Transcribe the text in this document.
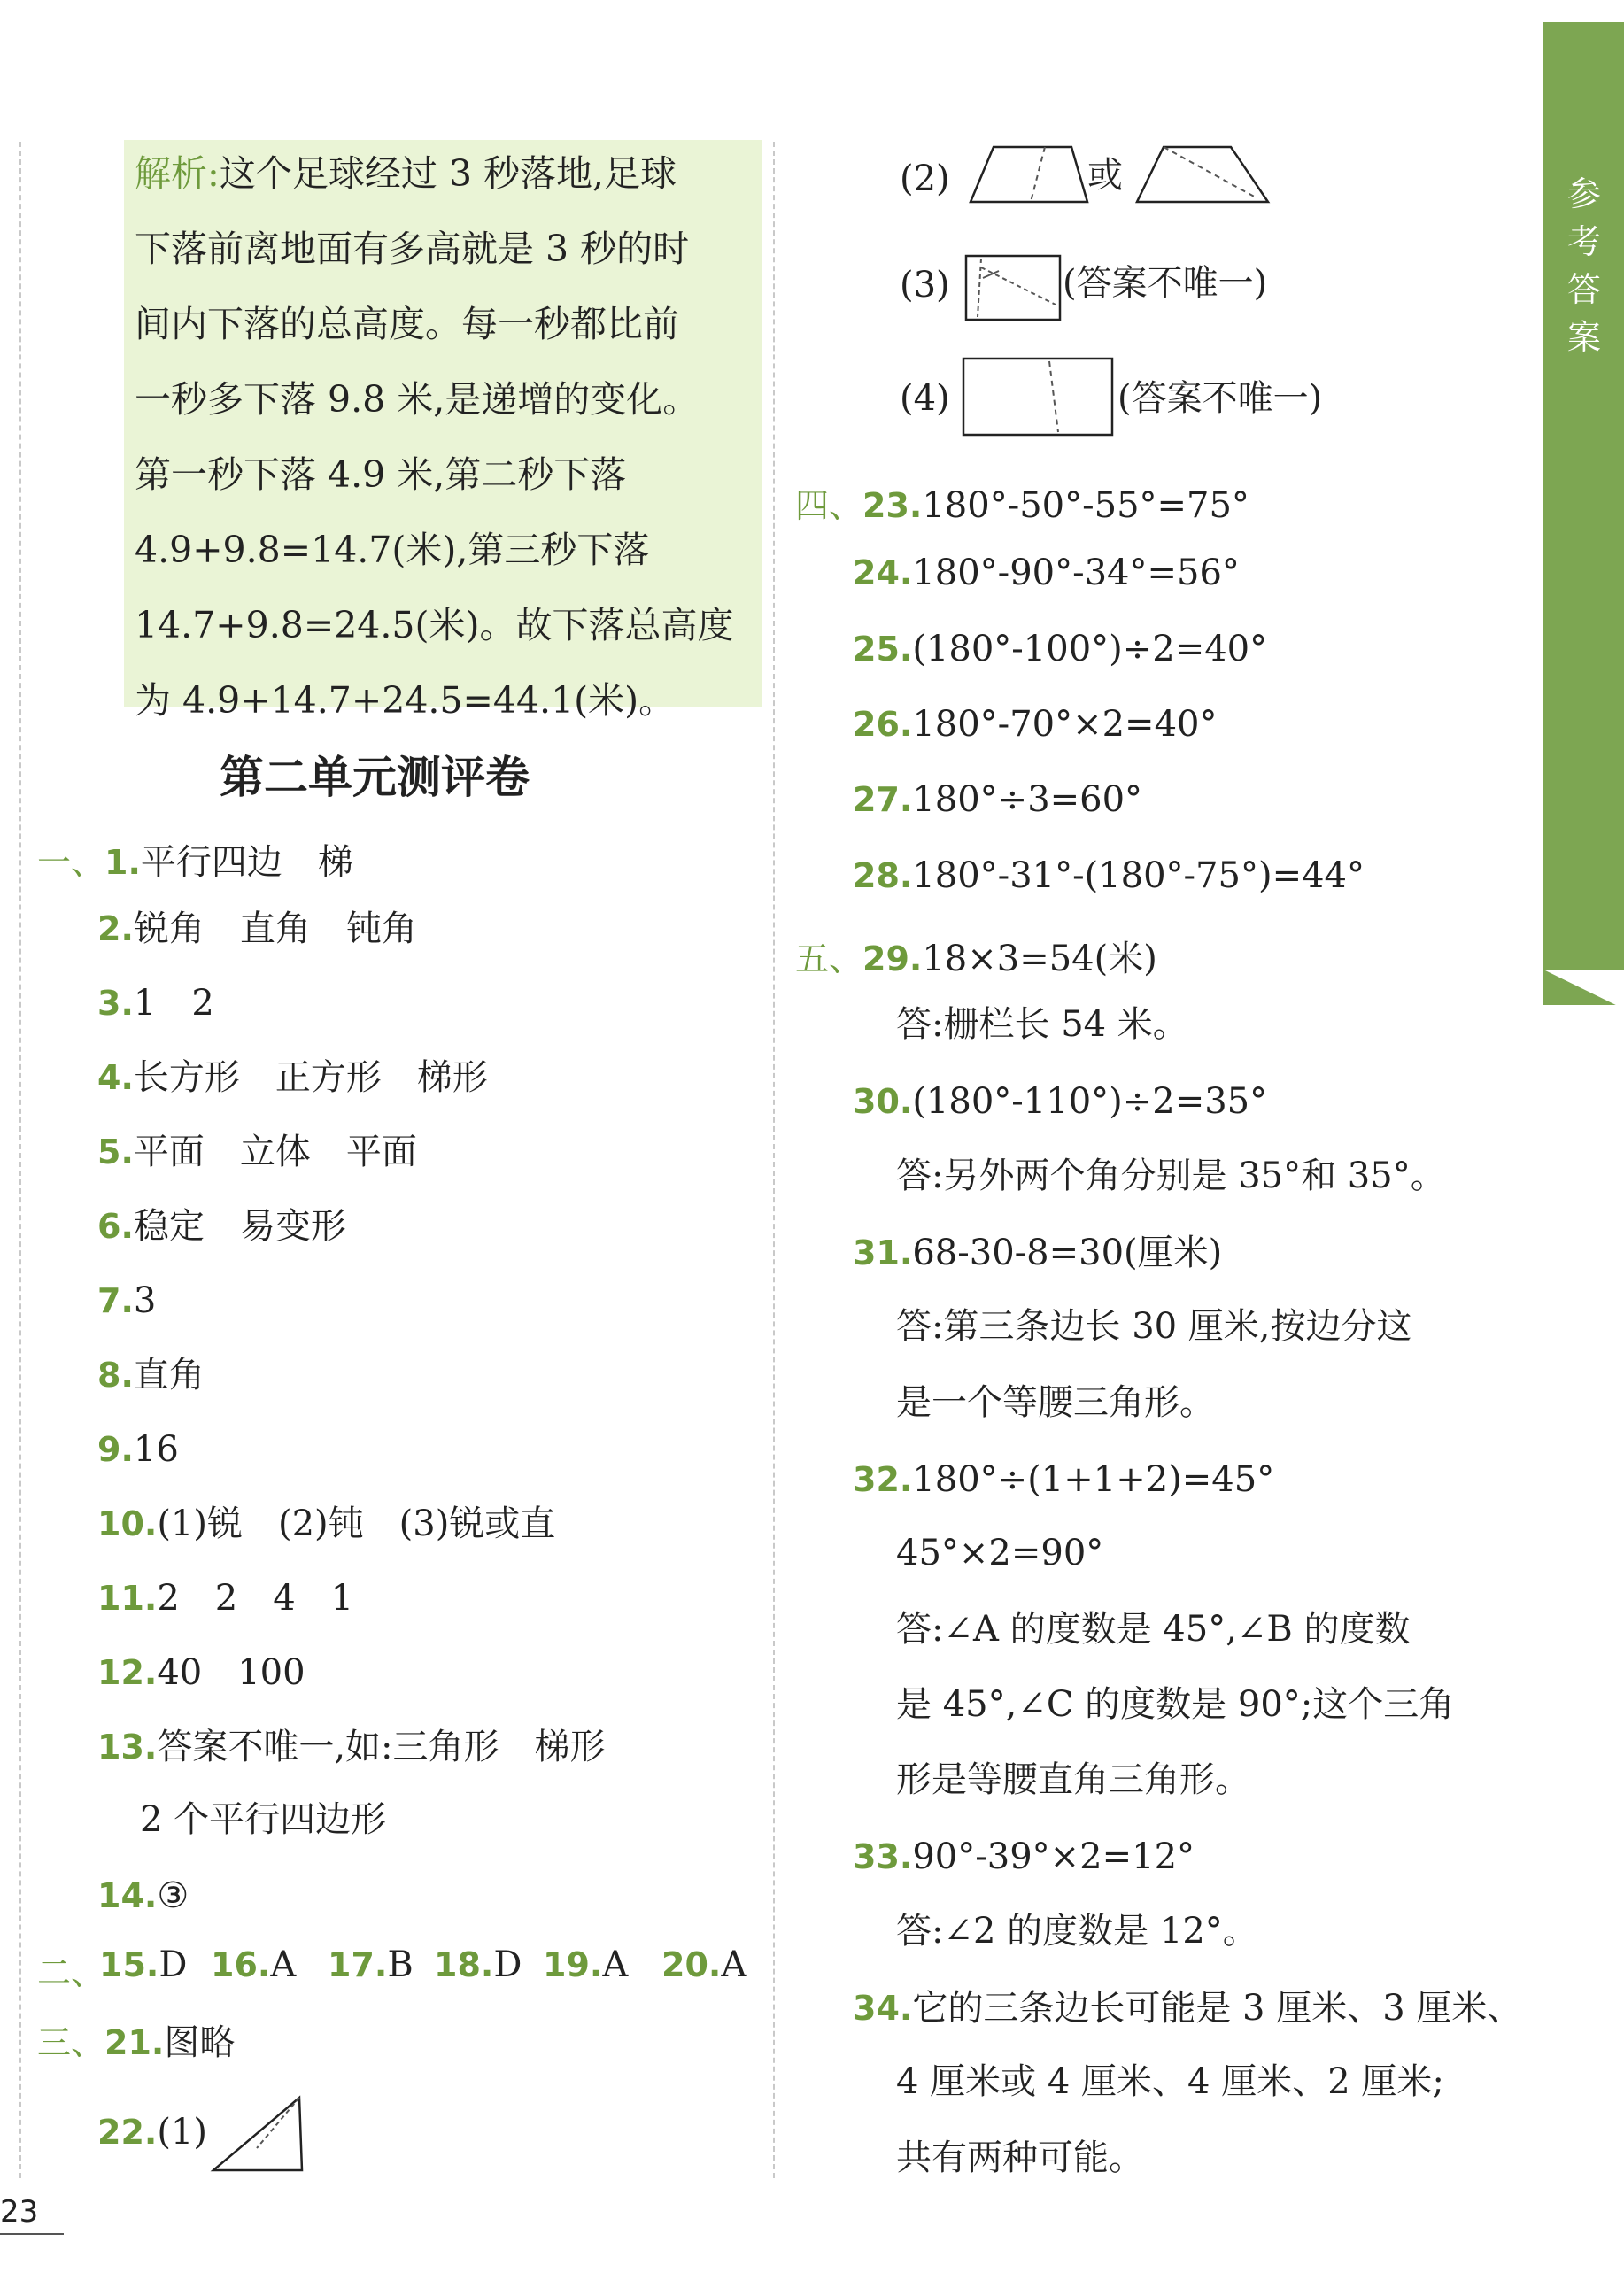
参考答案
解析:这个足球经过 3 秒落地,足球
下落前离地面有多高就是 3 秒的时
间内下落的总高度。每一秒都比前
一秒多下落 9.8 米,是递增的变化。
第一秒下落 4.9 米,第二秒下落
4.9+9.8=14.7(米),第三秒下落
14.7+9.8=24.5(米)。故下落总高度
为 4.9+14.7+24.5=44.1(米)。
第二单元测评卷
一、1.平行四边　梯
2.锐角　直角　钝角
3.1　2
4.长方形　正方形　梯形
5.平面　立体　平面
6.稳定　易变形
7.3
8.直角
9.16
10.(1)锐　(2)钝　(3)锐或直
11.2　2　4　1
12.40　100
13.答案不唯一,如:三角形　梯形
2 个平行四边形
14.③
二、
15.D 16.A 17.B 18.D 19.A 20.A
三、21.图略
22.(1)
(2)	或
(3)	(答案不唯一)
(4)	(答案不唯一)
四、23.180°-50°-55°=75°
24.180°-90°-34°=56°
25.(180°-100°)÷2=40°
26.180°-70°×2=40°
27.180°÷3=60°
28.180°-31°-(180°-75°)=44°
五、29.18×3=54(米)
答:栅栏长 54 米。
30.(180°-110°)÷2=35°
答:另外两个角分别是 35°和 35°。
31.68-30-8=30(厘米)
答:第三条边长 30 厘米,按边分这
是一个等腰三角形。
32.180°÷(1+1+2)=45°
45°×2=90°
答:∠A 的度数是 45°,∠B 的度数
是 45°,∠C 的度数是 90°;这个三角
形是等腰直角三角形。
33.90°-39°×2=12°
答:∠2 的度数是 12°。
34.它的三条边长可能是 3 厘米、3 厘米、
4 厘米或 4 厘米、4 厘米、2 厘米;
共有两种可能。
23
